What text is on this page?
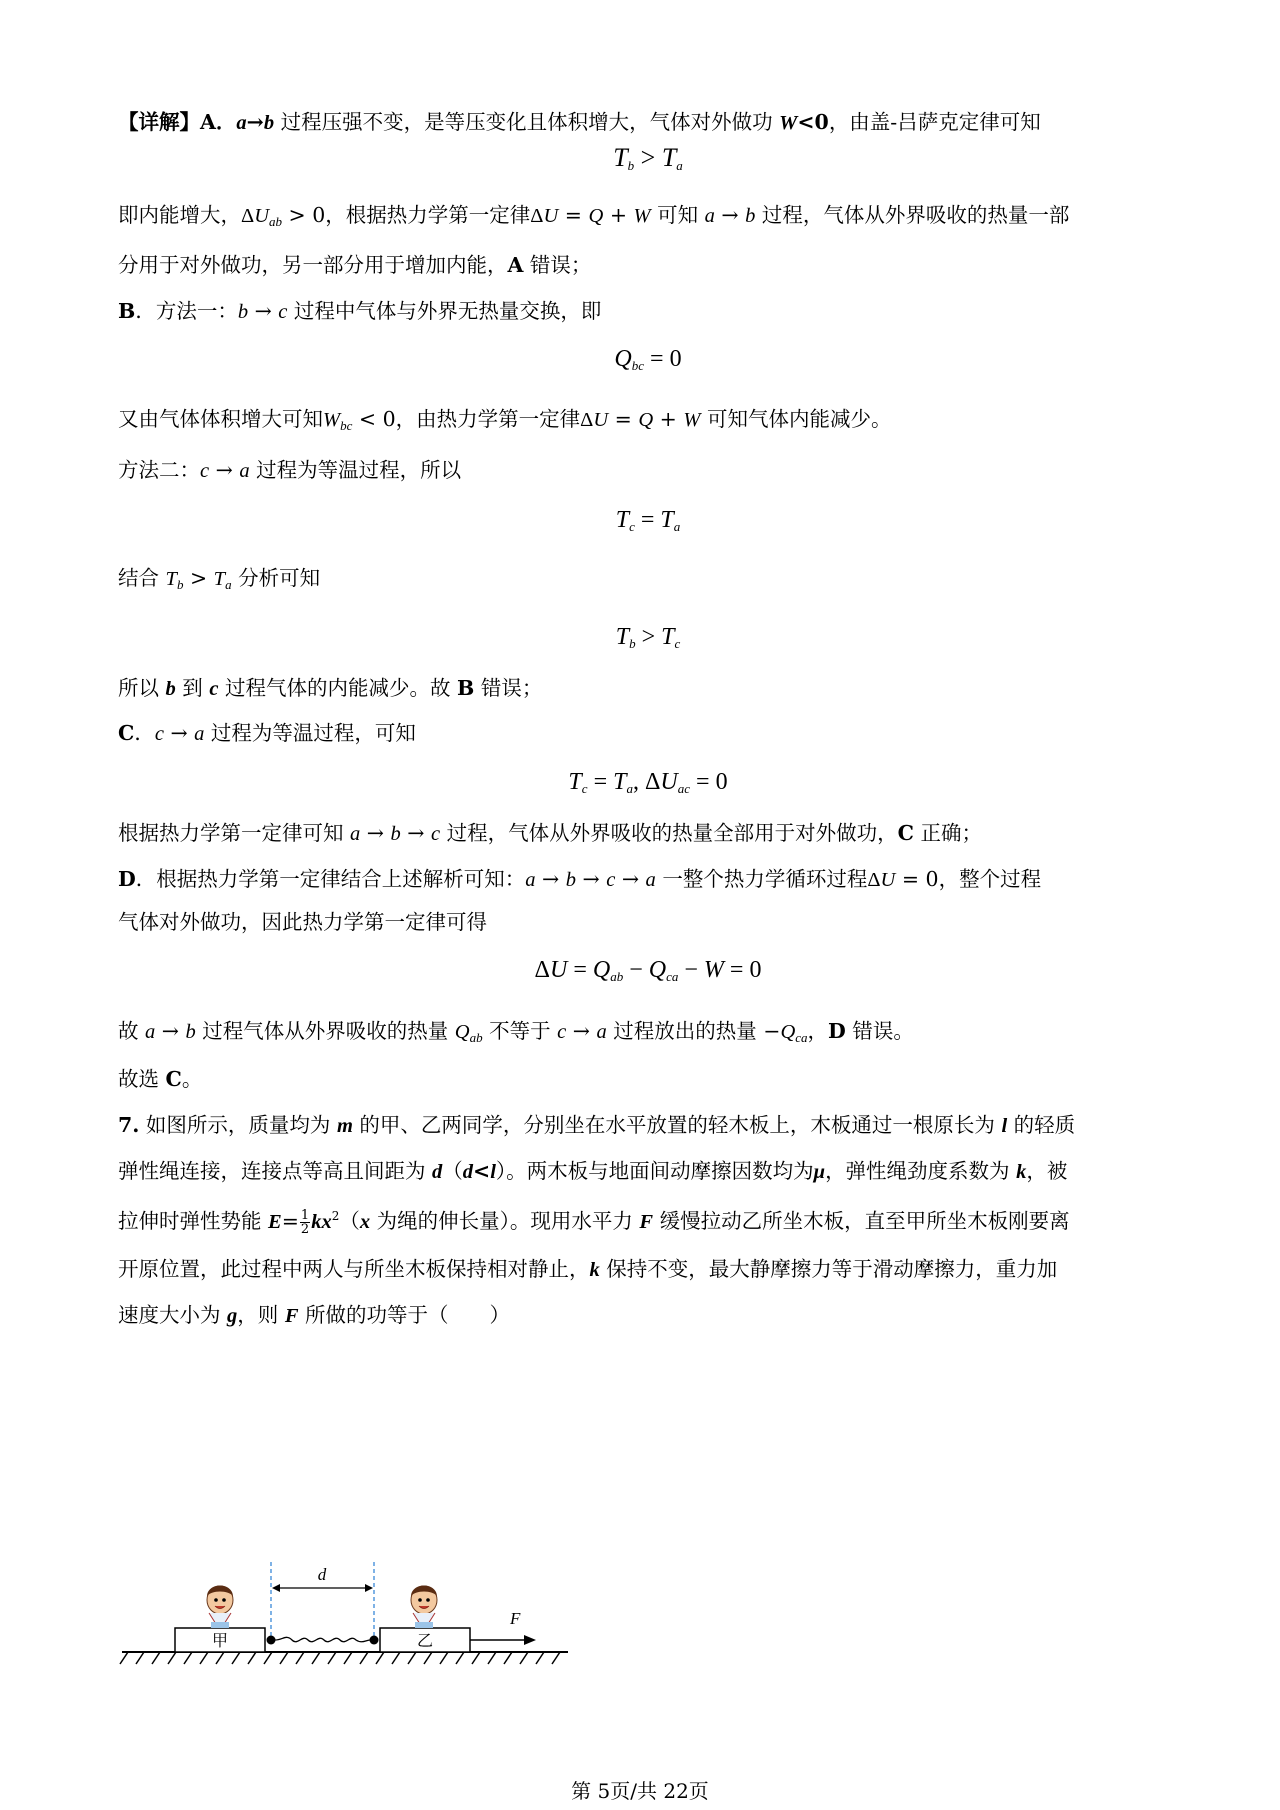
【详解】A．a→b 过程压强不变，是等压变化且体积增大，气体对外做功 W<0，由盖-吕萨克定律可知
$T_b > T_a$
即内能增大，$\Delta U_{ab} > 0$，根据热力学第一定律ΔU = Q + W 可知 a → b 过程，气体从外界吸收的热量一部
分用于对外做功，另一部分用于增加内能，A 错误；
B．方法一：b → c 过程中气体与外界无热量交换，即
$Q_{bc} = 0$
又由气体体积增大可知$W_{bc} < 0$，由热力学第一定律ΔU = Q + W 可知气体内能减少。
方法二：c → a 过程为等温过程，所以
$T_c = T_a$
结合 $T_b > T_a$ 分析可知
$T_b > T_c$
所以 b 到 c 过程气体的内能减少。故 B 错误；
C．c → a 过程为等温过程，可知
$T_c = T_a$, $\Delta U_{ac} = 0$
根据热力学第一定律可知 a → b → c 过程，气体从外界吸收的热量全部用于对外做功，C 正确；
D．根据热力学第一定律结合上述解析可知：a → b → c → a 一整个热力学循环过程ΔU = 0，整个过程
气体对外做功，因此热力学第一定律可得
$\Delta U = Q_{ab} - Q_{ca} - W = 0$
故 a → b 过程气体从外界吸收的热量 $Q_{ab}$ 不等于 c → a 过程放出的热量 $-Q_{ca}$，D 错误。
故选 C。
7. 如图所示，质量均为 m 的甲、乙两同学，分别坐在水平放置的轻木板上，木板通过一根原长为 l 的轻质
弹性绳连接，连接点等高且间距为 d（d<l）。两木板与地面间动摩擦因数均为μ，弹性绳劲度系数为 k，被
拉伸时弹性势能 $E= \frac{1}{2} kx^2(x$ 为绳的伸长量）。现用水平力 F 缓慢拉动乙所坐木板，直至甲所坐木板刚要离
开原位置，此过程中两人与所坐木板保持相对静止，k 保持不变，最大静摩擦力等于滑动摩擦力，重力加
速度大小为 g，则 F 所做的功等于（　　）
甲	乙
d
F
第 5页/共 22页
